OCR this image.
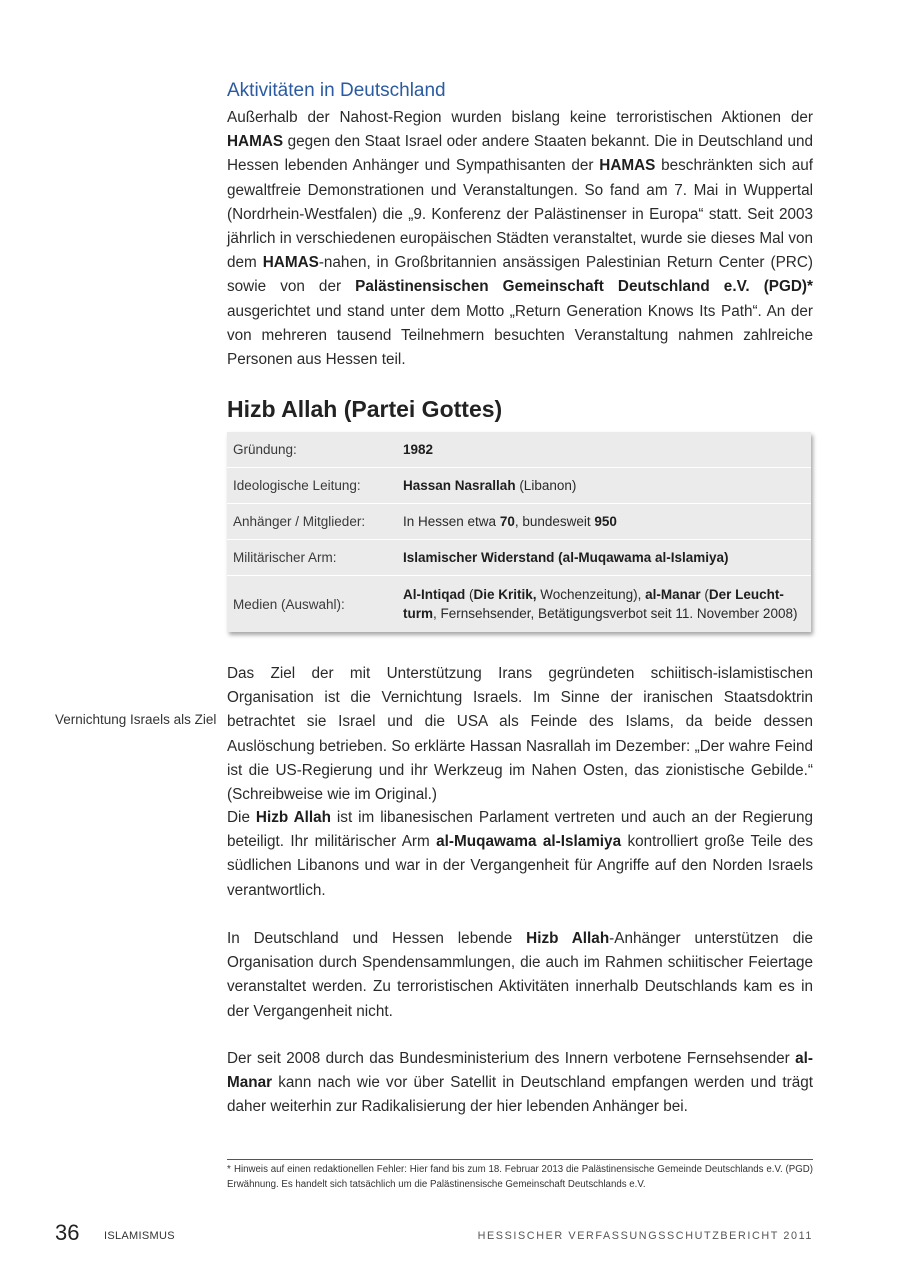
Aktivitäten in Deutschland

Außerhalb der Nahost-Region wurden bislang keine terroristischen Aktionen der HAMAS gegen den Staat Israel oder andere Staaten bekannt. Die in Deutschland und Hessen lebenden Anhänger und Sympathisanten der HAMAS beschränkten sich auf gewaltfreie Demonstrationen und Veranstaltungen. So fand am 7. Mai in Wuppertal (Nordrhein-Westfalen) die „9. Konferenz der Palästinenser in Europa“ statt. Seit 2003 jährlich in verschiedenen europäischen Städten veranstaltet, wurde sie dieses Mal von dem HAMAS-nahen, in Großbritannien ansässigen Palestinian Return Center (PRC) sowie von der Palästinensischen Gemeinschaft Deutschland e.V. (PGD)* ausgerichtet und stand unter dem Motto „Return Generation Knows Its Path“. An der von mehreren tausend Teilnehmern besuchten Veranstaltung nahmen zahlreiche Personen aus Hessen teil.

Hizb Allah (Partei Gottes)
Gründung:	1982
Ideologische Leitung:	Hassan Nasrallah (Libanon)
Anhänger / Mitglieder:	In Hessen etwa 70, bundesweit 950
Militärischer Arm:	Islamischer Widerstand (al-Muqawama al-Islamiya)
Medien (Auswahl):
Al-Intiqad (Die Kritik, Wochenzeitung), al-Manar (Der Leucht-turm, Fernsehsender, Betätigungsverbot seit 11. November 2008)

Vernichtung Israels als Ziel

Das Ziel der mit Unterstützung Irans gegründeten schiitisch-islamistischen Organisation ist die Vernichtung Israels. Im Sinne der iranischen Staatsdoktrin betrachtet sie Israel und die USA als Feinde des Islams, da beide dessen Auslöschung betrieben. So erklärte Hassan Nasrallah im Dezember: „Der wahre Feind ist die US-Regierung und ihr Werkzeug im Nahen Osten, das zionistische Gebilde.“ (Schreibweise wie im Original.)

Die Hizb Allah ist im libanesischen Parlament vertreten und auch an der Regierung beteiligt. Ihr militärischer Arm al-Muqawama al-Islamiya kontrolliert große Teile des südlichen Libanons und war in der Vergangenheit für Angriffe auf den Norden Israels verantwortlich.

In Deutschland und Hessen lebende Hizb Allah-Anhänger unterstützen die Organisation durch Spendensammlungen, die auch im Rahmen schiitischer Feiertage veranstaltet werden. Zu terroristischen Aktivitäten innerhalb Deutschlands kam es in der Vergangenheit nicht.

Der seit 2008 durch das Bundesministerium des Innern verbotene Fernsehsender al-Manar kann nach wie vor über Satellit in Deutschland empfangen werden und trägt daher weiterhin zur Radikalisierung der hier lebenden Anhänger bei.

* Hinweis auf einen redaktionellen Fehler: Hier fand bis zum 18. Februar 2013 die Palästinensische Gemeinde Deutschlands e.V. (PGD) Erwähnung. Es handelt sich tatsächlich um die Palästinensische Gemeinschaft Deutschlands e.V.

36 ISLAMISMUS	HESSISCHER VERFASSUNGSSCHUTZBERICHT 2011
